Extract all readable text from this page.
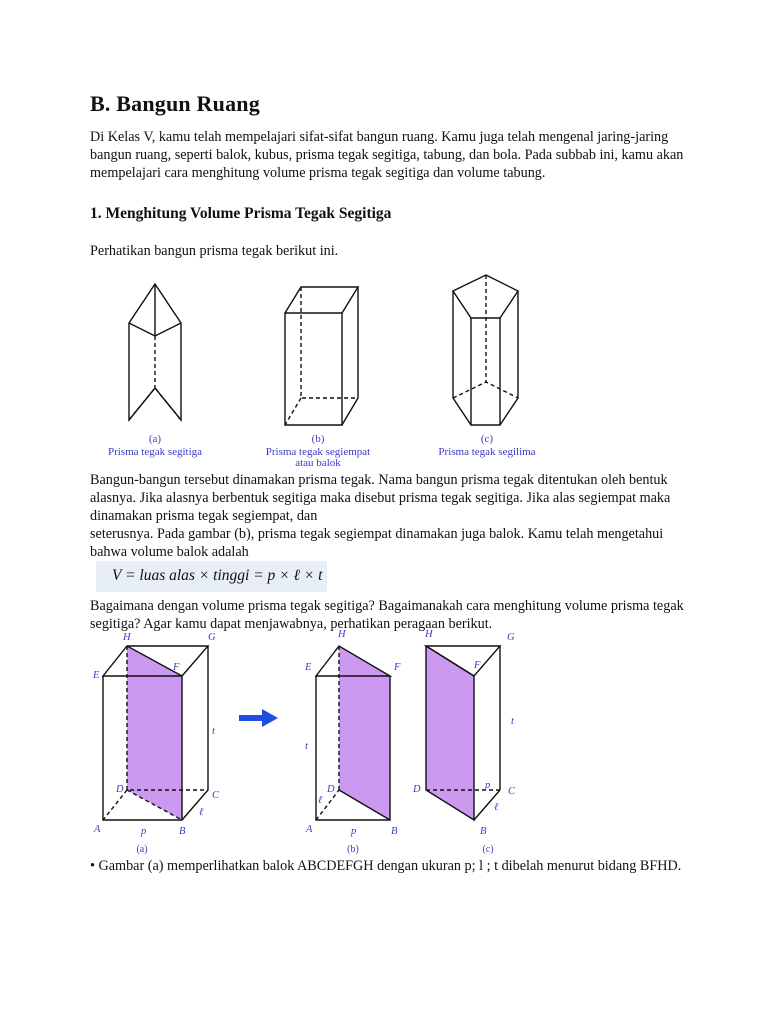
B. Bangun Ruang

Di Kelas V, kamu telah mempelajari sifat-sifat bangun ruang. Kamu juga telah mengenal jaring-jaring bangun ruang, seperti balok, kubus, prisma tegak segitiga, tabung, dan bola. Pada subbab ini, kamu akan mempelajari cara menghitung volume prisma tegak segitiga dan volume tabung.

1. Menghitung Volume Prisma Tegak Segitiga

Perhatikan bangun prisma tegak berikut ini.

(a)
Prisma tegak segitiga
(b)
Prisma tegak segiempat
atau balok
(c)
Prisma tegak segilima

Bangun-bangun tersebut dinamakan prisma tegak. Nama bangun prisma tegak ditentukan oleh bentuk alasnya. Jika alasnya berbentuk segitiga maka disebut prisma tegak segitiga. Jika alas segiempat maka dinamakan prisma tegak segiempat, dan
seterusnya. Pada gambar (b), prisma tegak segiempat dinamakan juga balok. Kamu telah mengetahui bahwa volume balok adalah

V = luas alas × tinggi = p × ℓ × t

Bagaimana dengan volume prisma tegak segitiga? Bagaimanakah cara menghitung volume prisma tegak segitiga? Agar kamu dapat menjawabnya, perhatikan peragaan berikut.

E
H	G
F
D
C
A	B
p
ℓ
t
(a)
E
H
F
D
A	B
p
ℓ
t
(b)
H	G
F
D	p
C
B
ℓ
t
(c)

• Gambar (a) memperlihatkan balok ABCDEFGH dengan ukuran p; l ; t dibelah menurut bidang BFHD.
